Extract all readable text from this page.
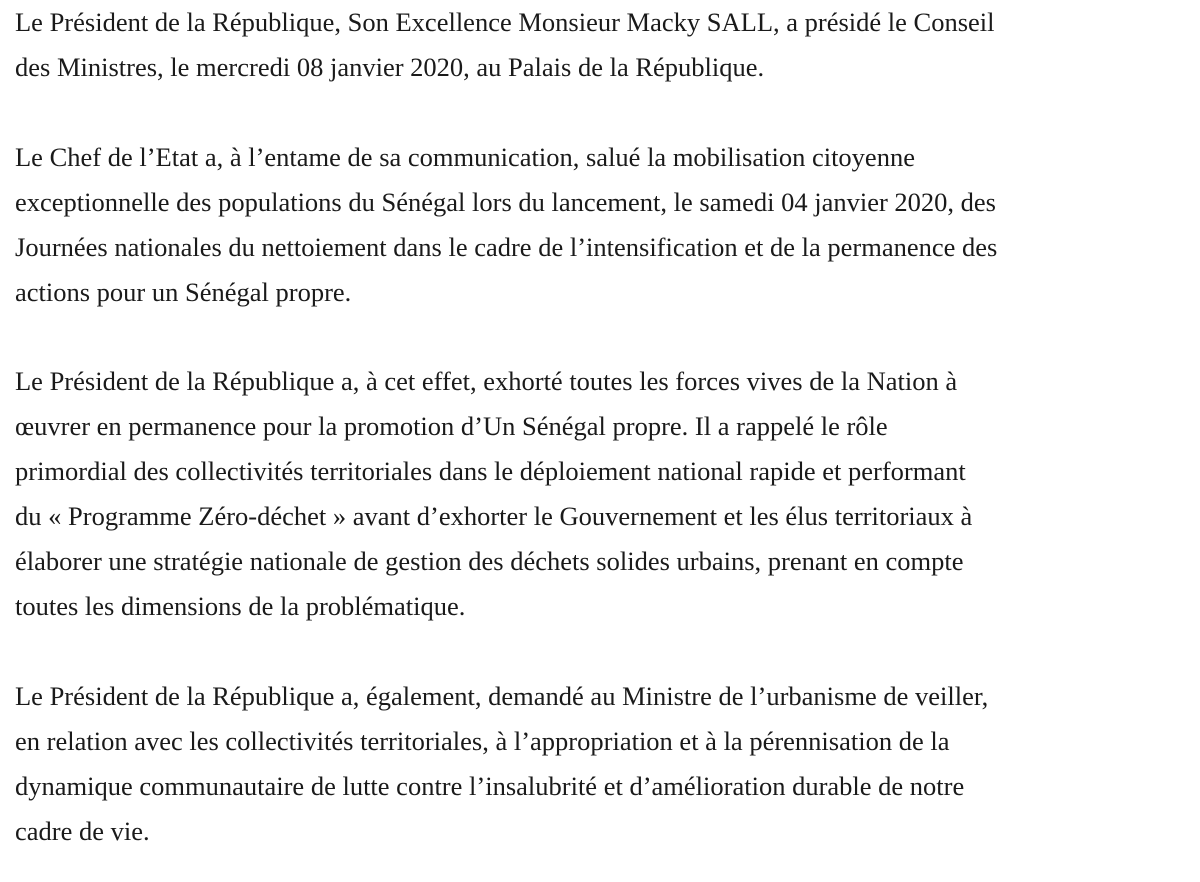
Le Président de la République, Son Excellence Monsieur Macky SALL, a présidé le Conseil
des Ministres, le mercredi 08 janvier 2020, au Palais de la République.
Le Chef de l’Etat a, à l’entame de sa communication, salué la mobilisation citoyenne
exceptionnelle des populations du Sénégal lors du lancement, le samedi 04 janvier 2020, des
Journées nationales du nettoiement dans le cadre de l’intensification et de la permanence des
actions pour un Sénégal propre.
Le Président de la République a, à cet effet, exhorté toutes les forces vives de la Nation à
œuvrer en permanence pour la promotion d’Un Sénégal propre. Il a rappelé le rôle
primordial des collectivités territoriales dans le déploiement national rapide et performant
du « Programme Zéro-déchet » avant d’exhorter le Gouvernement et les élus territoriaux à
élaborer une stratégie nationale de gestion des déchets solides urbains, prenant en compte
toutes les dimensions de la problématique.
Le Président de la République a, également, demandé au Ministre de l’urbanisme de veiller,
en relation avec les collectivités territoriales, à l’appropriation et à la pérennisation de la
dynamique communautaire de lutte contre l’insalubrité et d’amélioration durable de notre
cadre de vie.
